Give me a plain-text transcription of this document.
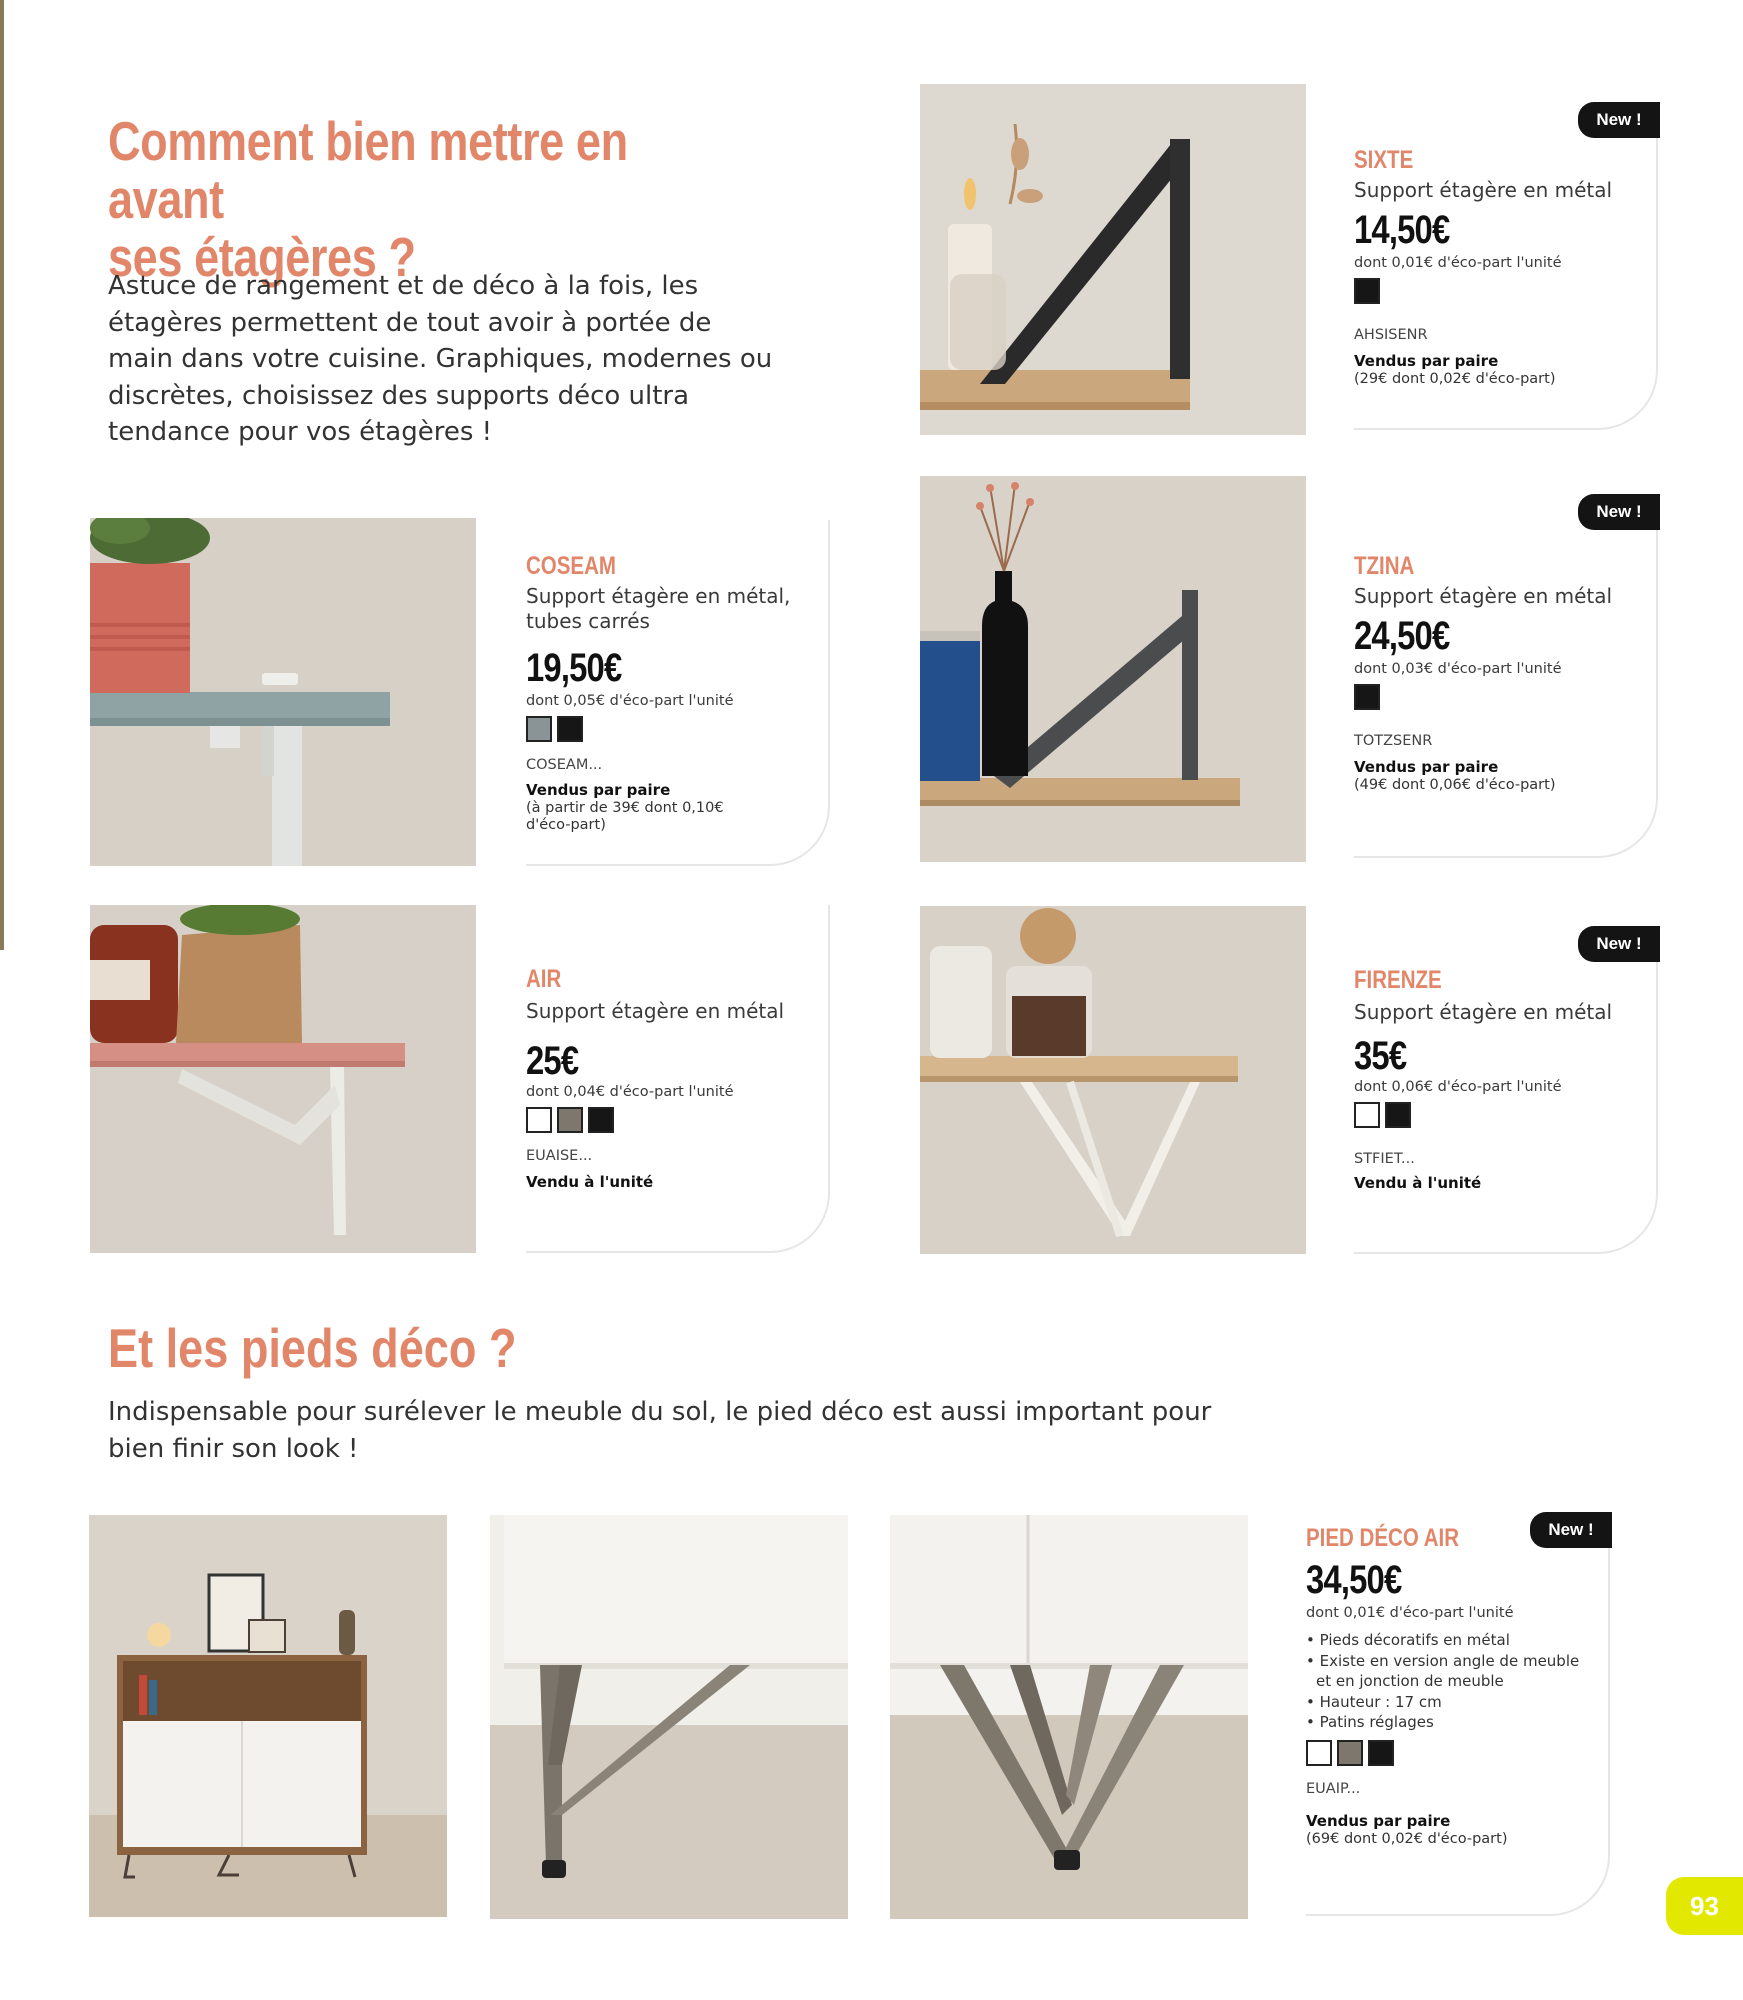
Comment bien mettre en avant
ses étagères ?

Astuce de rangement et de déco à la fois, les étagères permettent de tout avoir à portée de main dans votre cuisine. Graphiques, modernes ou discrètes, choisissez des supports déco ultra tendance pour vos étagères !

New !

SIXTE

Support étagère en métal

14,50€

dont 0,01€ d'éco-part l'unité

AHSISENR

Vendus par paire

(29€ dont 0,02€ d'éco-part)

COSEAM

Support étagère en métal, tubes carrés

19,50€

dont 0,05€ d'éco-part l'unité

COSEAM...

Vendus par paire

(à partir de 39€ dont 0,10€ d'éco-part)

New !

TZINA

Support étagère en métal

24,50€

dont 0,03€ d'éco-part l'unité

TOTZSENR

Vendus par paire

(49€ dont 0,06€ d'éco-part)

AIR

Support étagère en métal

25€

dont 0,04€ d'éco-part l'unité

EUAISE...

Vendu à l'unité

New !

FIRENZE

Support étagère en métal

35€

dont 0,06€ d'éco-part l'unité

STFIET...

Vendu à l'unité

Et les pieds déco ?

Indispensable pour surélever le meuble du sol, le pied déco est aussi important pour bien finir son look !

New !

PIED DÉCO AIR

34,50€

dont 0,01€ d'éco-part l'unité

• Pieds décoratifs en métal
• Existe en version angle de meuble et en jonction de meuble
• Hauteur : 17 cm
• Patins réglages

EUAIP...

Vendus par paire

(69€ dont 0,02€ d'éco-part)

93
